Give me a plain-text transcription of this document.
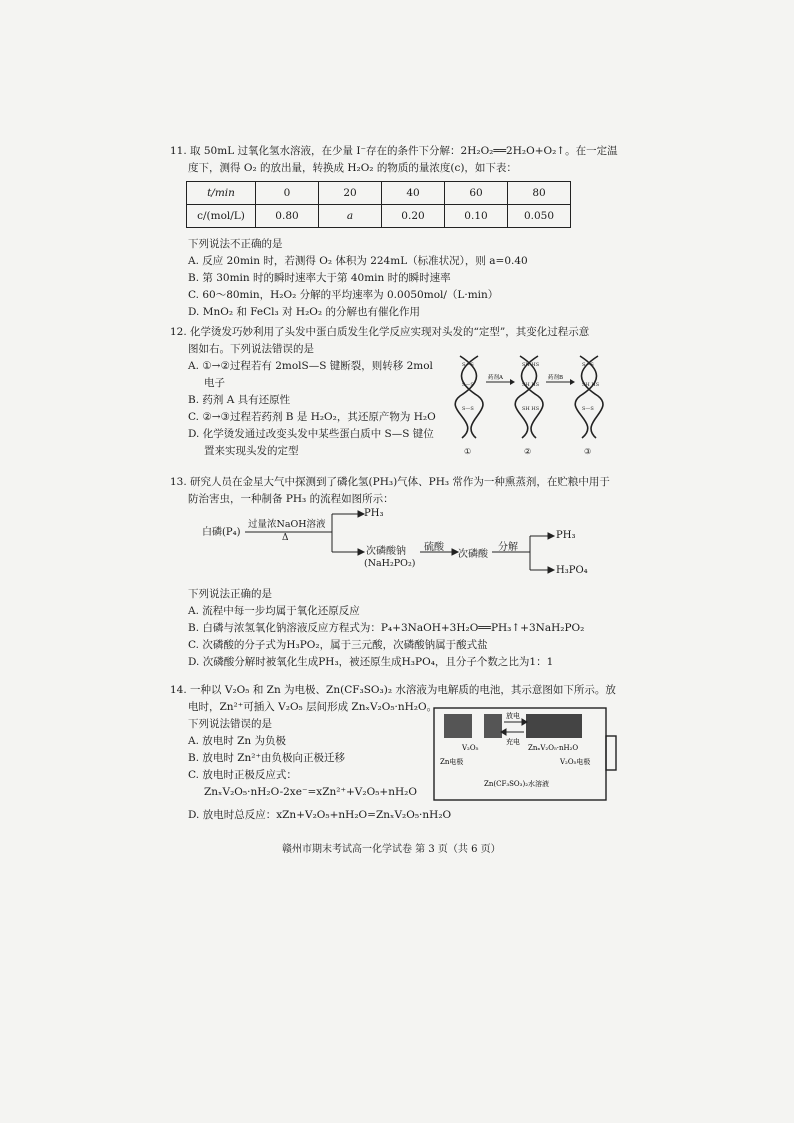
11. 取 50mL 过氧化氢水溶液，在少量 I⁻存在的条件下分解：2H₂O₂══2H₂O+O₂↑。在一定温
度下，测得 O₂ 的放出量，转换成 H₂O₂ 的物质的量浓度(c)，如下表：
t/min	0	20	40	60	80
c/(mol/L)	0.80	a	0.20	0.10	0.050
下列说法不正确的是
A. 反应 20min 时，若测得 O₂ 体积为 224mL（标准状况），则 a=0.40
B. 第 30min 时的瞬时速率大于第 40min 时的瞬时速率
C. 60～80min，H₂O₂ 分解的平均速率为 0.0050mol/（L·min）
D. MnO₂ 和 FeCl₃ 对 H₂O₂ 的分解也有催化作用
12. 化学烫发巧妙利用了头发中蛋白质发生化学反应实现对头发的“定型”，其变化过程示意
图如右。下列说法错误的是
A. ①→②过程若有 2molS—S 键断裂，则转移 2mol
电子
B. 药剂 A 具有还原性
C. ②→③过程若药剂 B 是 H₂O₂，其还原产物为 H₂O
D. 化学烫发通过改变头发中某些蛋白质中 S—S 键位
置来实现头发的定型
S—S
S—S
S—S
SH HS
SH HS
SH HS
S—S
SH HS
S—S
药剂A	药剂B
①	②	③
13. 研究人员在金星大气中探测到了磷化氢(PH₃)气体、PH₃ 常作为一种熏蒸剂，在贮粮中用于
防治害虫，一种制备 PH₃ 的流程如图所示：
白磷(P₄)
过量浓NaOH溶液
Δ
PH₃
次磷酸钠
(NaH₂PO₂)
硫酸
次磷酸
分解
PH₃
H₃PO₄
下列说法正确的是
A. 流程中每一步均属于氧化还原反应
B. 白磷与浓氢氧化钠溶液反应方程式为：P₄+3NaOH+3H₂O══PH₃↑+3NaH₂PO₂
C. 次磷酸的分子式为H₃PO₂，属于三元酸，次磷酸钠属于酸式盐
D. 次磷酸分解时被氧化生成PH₃，被还原生成H₃PO₄，且分子个数之比为1：1
14. 一种以 V₂O₅ 和 Zn 为电极、Zn(CF₃SO₃)₂ 水溶液为电解质的电池，其示意图如下所示。放
电时，Zn²⁺可插入 V₂O₅ 层间形成 ZnₓV₂O₅·nH₂O。
下列说法错误的是
A. 放电时 Zn 为负极
B. 放电时 Zn²⁺由负极向正极迁移
C. 放电时正极反应式：
ZnₓV₂O₅·nH₂O-2xe⁻=xZn²⁺+V₂O₅+nH₂O
D. 放电时总反应：xZn+V₂O₅+nH₂O=ZnₓV₂O₅·nH₂O
放电
充电
V₂O₅	ZnₓV₂O₅·nH₂O
Zn电极	V₂O₅电极
Zn(CF₃SO₃)₂水溶液
赣州市期末考试高一化学试卷 第 3 页（共 6 页）
